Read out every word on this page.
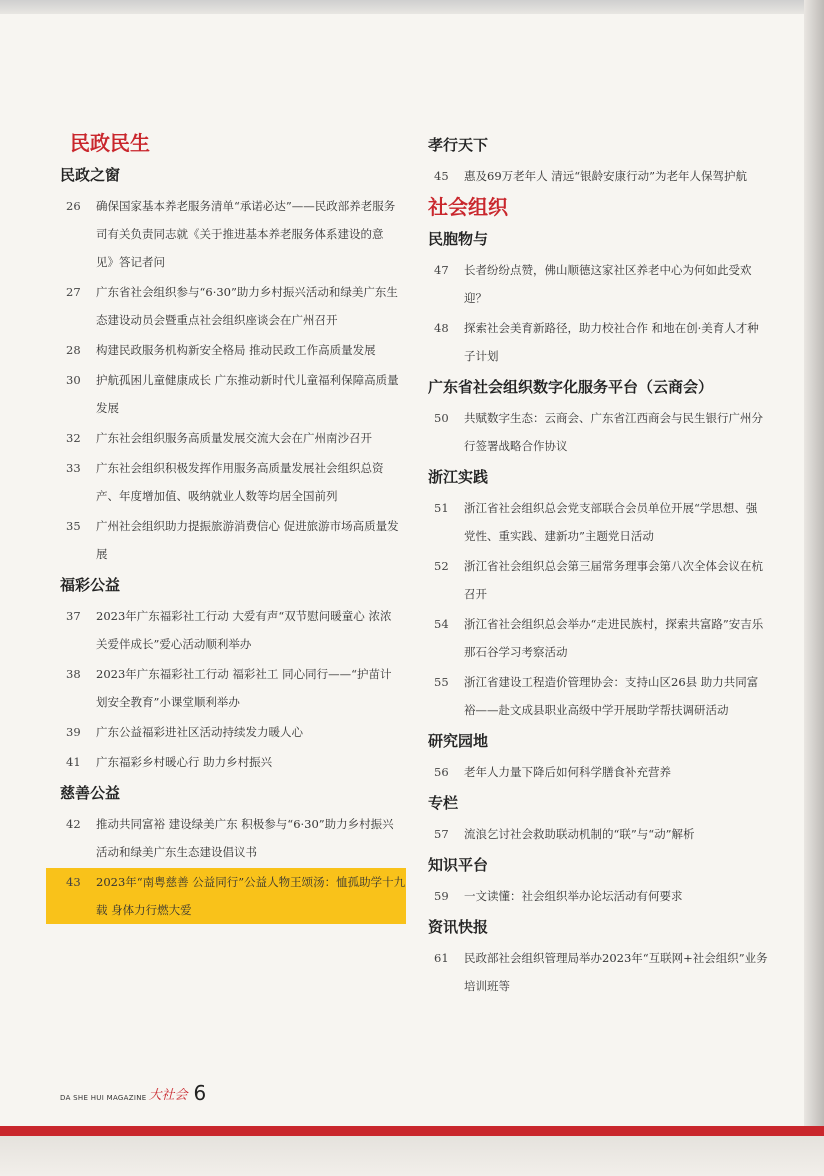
民政民生
民政之窗
26	确保国家基本养老服务清单“承诺必达”——民政部养老服务司有关负责同志就《关于推进基本养老服务体系建设的意见》答记者问
27	广东省社会组织参与“6·30”助力乡村振兴活动和绿美广东生态建设动员会暨重点社会组织座谈会在广州召开
28	构建民政服务机构新安全格局 推动民政工作高质量发展
30	护航孤困儿童健康成长 广东推动新时代儿童福利保障高质量发展
32	广东社会组织服务高质量发展交流大会在广州南沙召开
33	广东社会组织积极发挥作用服务高质量发展社会组织总资产、年度增加值、吸纳就业人数等均居全国前列
35	广州社会组织助力提振旅游消费信心 促进旅游市场高质量发展
福彩公益
37	2023年广东福彩社工行动 大爱有声“双节慰问暖童心 浓浓关爱伴成长”爱心活动顺利举办
38	2023年广东福彩社工行动 福彩社工 同心同行——“护苗计划安全教育”小课堂顺利举办
39	广东公益福彩进社区活动持续发力暖人心
41	广东福彩乡村暖心行 助力乡村振兴
慈善公益
42	推动共同富裕 建设绿美广东 积极参与“6·30”助力乡村振兴活动和绿美广东生态建设倡议书
43	2023年“南粤慈善 公益同行”公益人物王颂汤：恤孤助学十九载 身体力行燃大爱
孝行天下
45	惠及69万老年人 清远“银龄安康行动”为老年人保驾护航
社会组织
民胞物与
47	长者纷纷点赞，佛山顺德这家社区养老中心为何如此受欢迎？
48	探索社会美育新路径，助力校社合作 和地在创·美育人才种子计划
广东省社会组织数字化服务平台（云商会）
50	共赋数字生态：云商会、广东省江西商会与民生银行广州分行签署战略合作协议
浙江实践
51	浙江省社会组织总会党支部联合会员单位开展“学思想、强党性、重实践、建新功”主题党日活动
52	浙江省社会组织总会第三届常务理事会第八次全体会议在杭召开
54	浙江省社会组织总会举办“走进民族村，探索共富路”安吉乐那石谷学习考察活动
55	浙江省建设工程造价管理协会：支持山区26县 助力共同富裕——赴文成县职业高级中学开展助学帮扶调研活动
研究园地
56	老年人力量下降后如何科学膳食补充营养
专栏
57	流浪乞讨社会救助联动机制的“联”与“动”解析
知识平台
59	一文读懂：社会组织举办论坛活动有何要求
资讯快报
61	民政部社会组织管理局举办2023年“互联网+社会组织”业务培训班等
DA SHE HUI MAGAZINE 大社会 6
